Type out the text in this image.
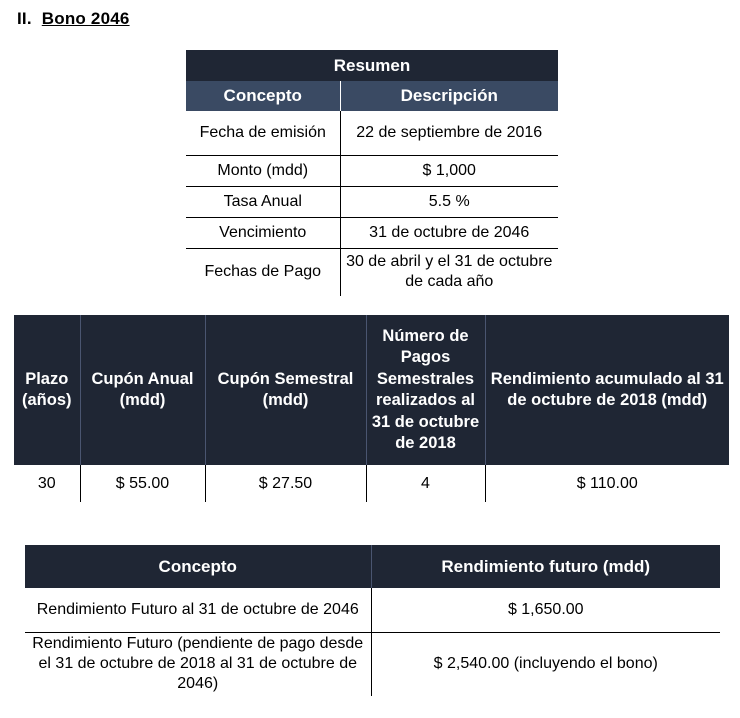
II. Bono 2046
Resumen	
Concepto	Descripción
Fecha de emisión	22 de septiembre de 2016
Monto (mdd)	$ 1,000
Tasa Anual	5.5 %
Vencimiento	31 de octubre de 2046
Fechas de Pago	30 de abril y el 31 de octubre de cada año
Plazo (años)	Cupón Anual (mdd)	Cupón Semestral (mdd)	Número de Pagos Semestrales realizados al 31 de octubre de 2018	Rendimiento acumulado al 31 de octubre de 2018 (mdd)
30	$ 55.00	$ 27.50	4	$ 110.00
Concepto	Rendimiento futuro (mdd)
Rendimiento Futuro al 31 de octubre de 2046	$ 1,650.00
Rendimiento Futuro (pendiente de pago desde el 31 de octubre de 2018 al 31 de octubre de 2046)	$ 2,540.00 (incluyendo el bono)
